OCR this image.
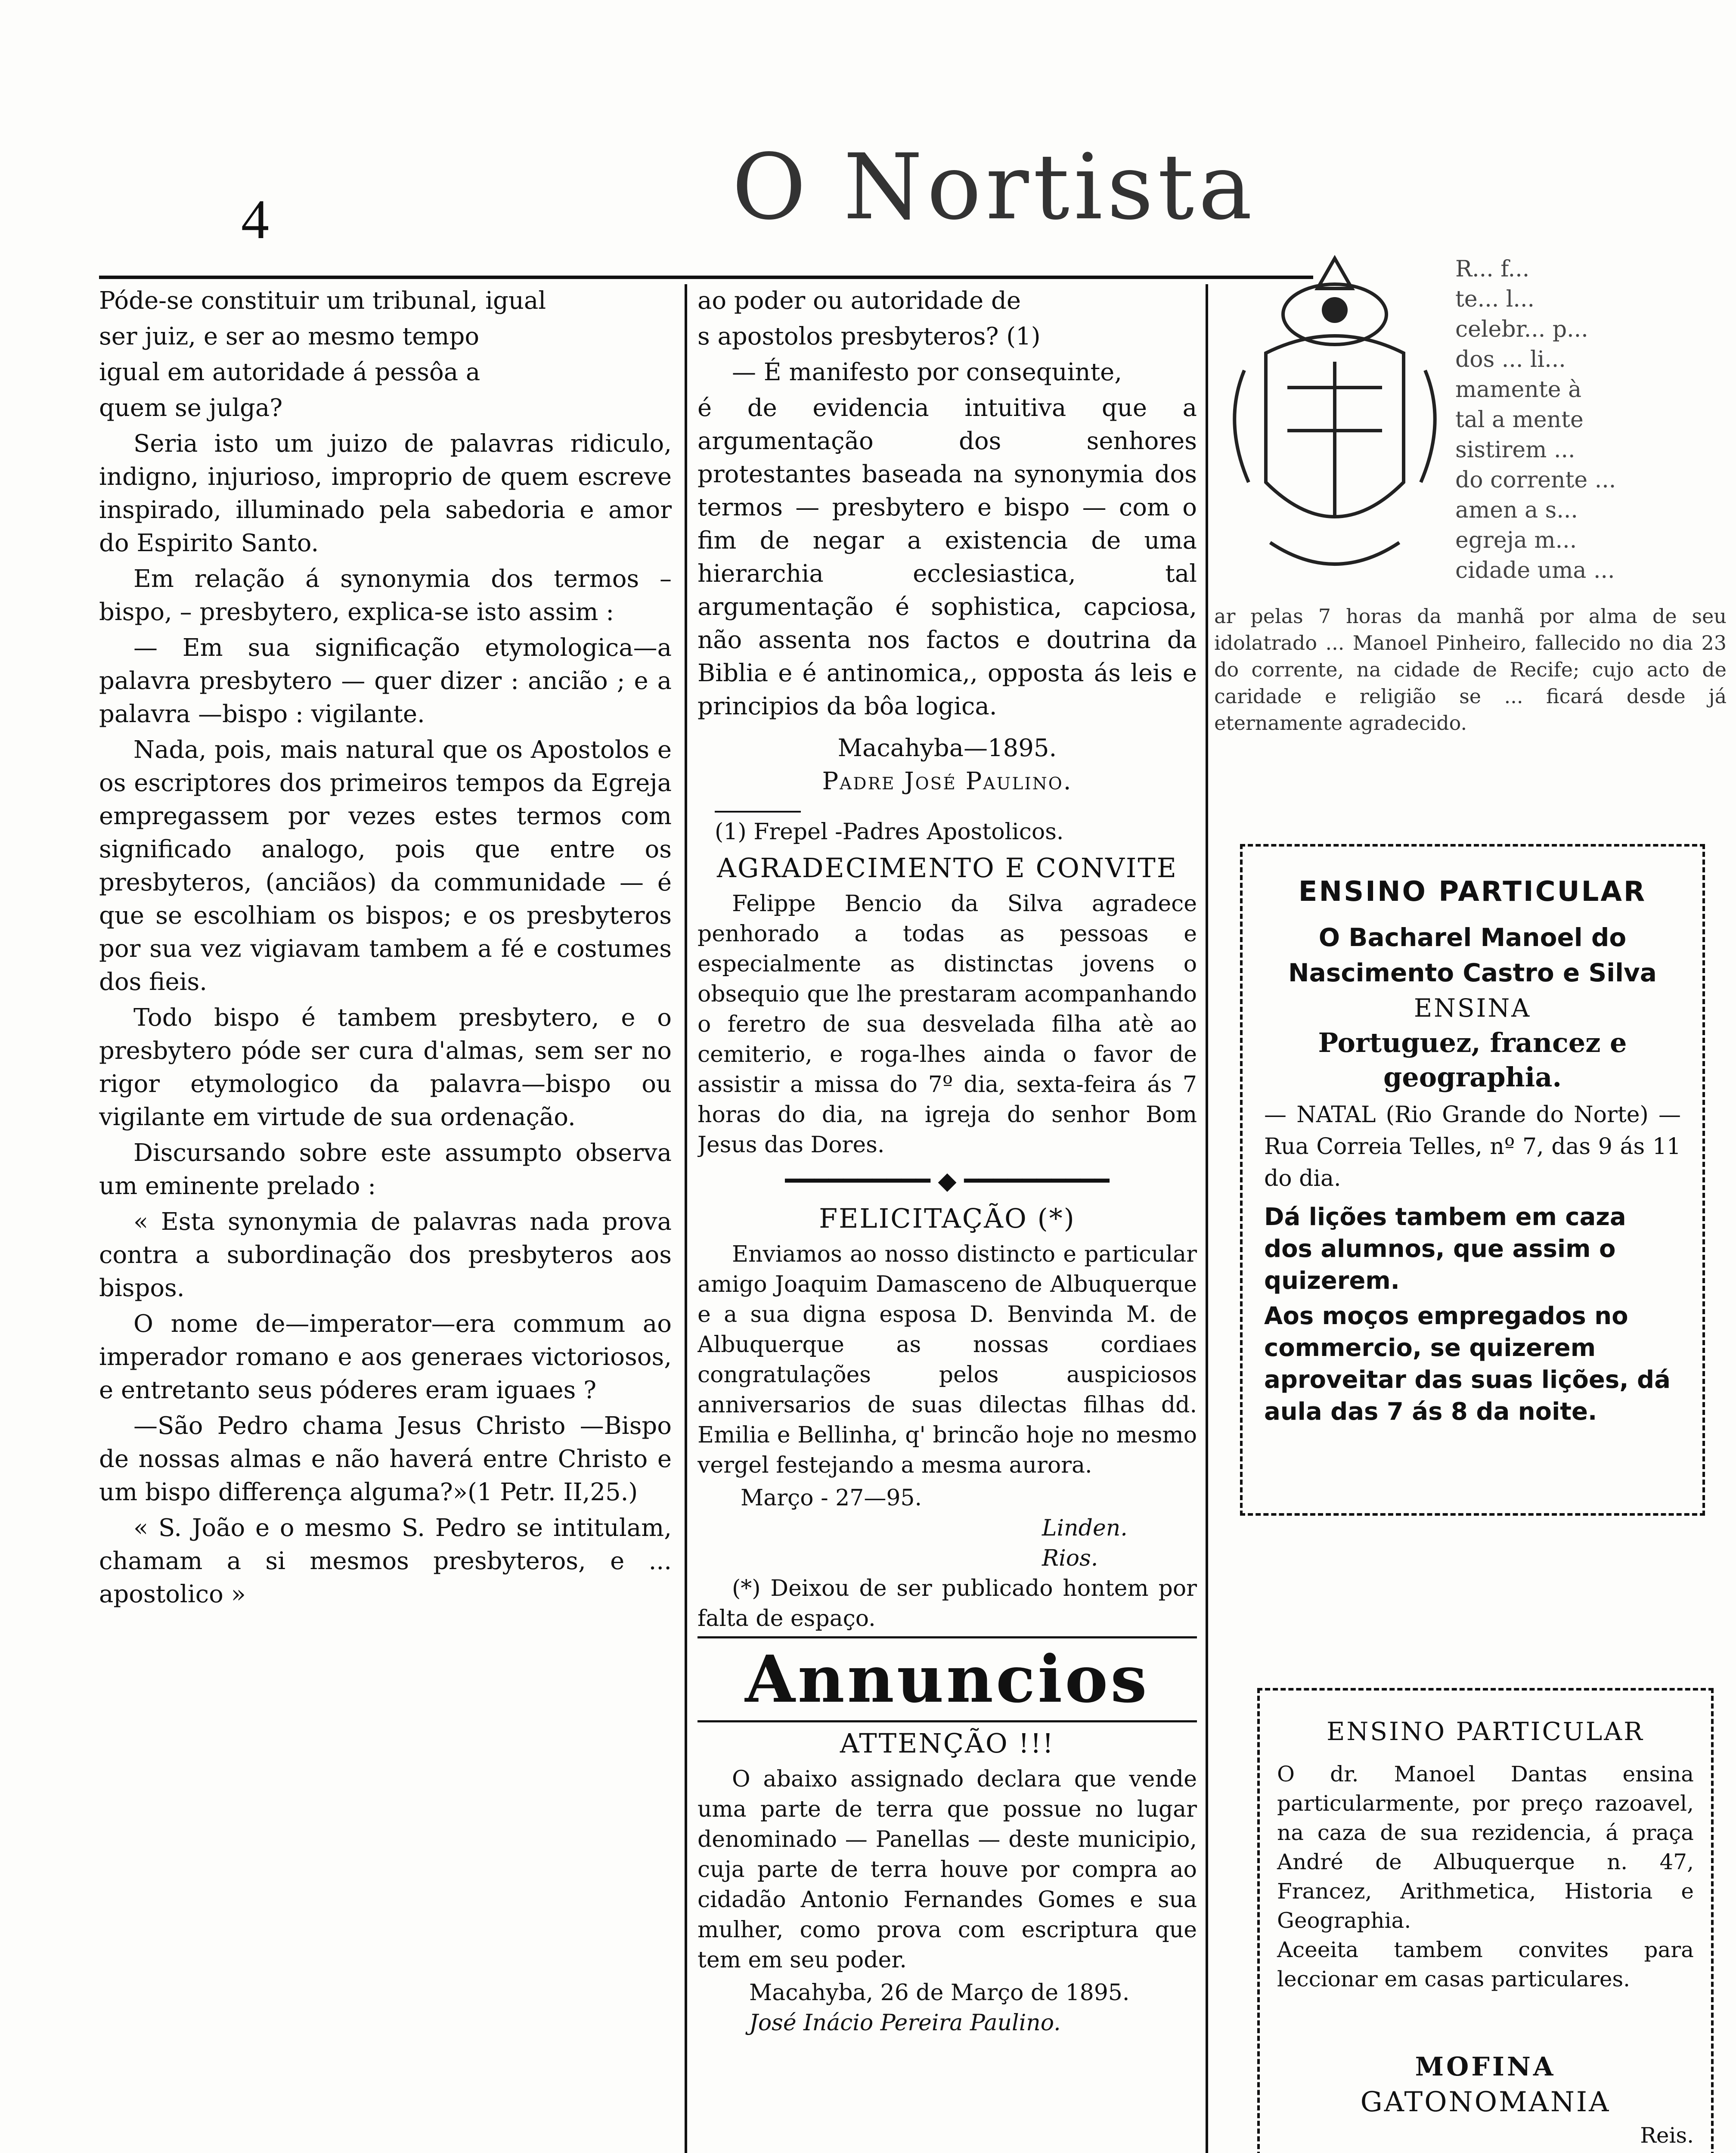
4	O Nortista

Póde-se constituir um tribunal, igual

ser juiz, e ser ao mesmo tempo

igual em autoridade á pessôa a

quem se julga?

Seria isto um juizo de palavras ridiculo, indigno, injurioso, improprio de quem escreve inspirado, illuminado pela sabedoria e amor do Espirito Santo.

Em relação á synonymia dos termos – bispo, – presbytero, explica-se isto assim :

— Em sua significação etymologica—a palavra presbytero — quer dizer : ancião ; e a palavra —bispo : vigilante.

Nada, pois, mais natural que os Apostolos e os escriptores dos primeiros tempos da Egreja empregassem por vezes estes termos com significado analogo, pois que entre os presbyteros, (anciãos) da communidade — é que se escolhiam os bispos; e os presbyteros por sua vez vigiavam tambem a fé e costumes dos fieis.

Todo bispo é tambem presbytero, e o presbytero póde ser cura d'almas, sem ser no rigor etymologico da palavra—bispo ou vigilante em virtude de sua ordenação.

Discursando sobre este assumpto observa um eminente prelado :

« Esta synonymia de palavras nada prova contra a subordinação dos presbyteros aos bispos.

O nome de—imperator—era commum ao imperador romano e aos generaes victoriosos, e entretanto seus póderes eram iguaes ?

—São Pedro chama Jesus Christo —Bispo de nossas almas e não haverá entre Christo e um bispo differença alguma?»(1 Petr. II,25.)

« S. João e o mesmo S. Pedro se intitulam, chamam a si mesmos presbyteros, e ... apostolico »

ao poder ou autoridade de

s apostolos presbyteros? (1)

— É manifesto por consequinte,

é de evidencia intuitiva que a argumentação dos senhores protestantes baseada na synonymia dos termos — presbytero e bispo — com o fim de negar a existencia de uma hierarchia ecclesiastica, tal argumentação é sophistica, capciosa, não assenta nos factos e doutrina da Biblia e é antinomica,, opposta ás leis e principios da bôa logica.

Macahyba—1895.
Padre José Paulino.
(1) Frepel -Padres Apostolicos.
AGRADECIMENTO E CONVITE

Felippe Bencio da Silva agradece penhorado a todas as pessoas e especialmente as distinctas jovens o obsequio que lhe prestaram acompanhando o feretro de sua desvelada filha atè ao cemiterio, e roga-lhes ainda o favor de assistir a missa do 7º dia, sexta-feira ás 7 horas do dia, na igreja do senhor Bom Jesus das Dores.

━━━━━━━━━━ ◆ ━━━━━━━━━━
FELICITAÇÃO (*)

Enviamos ao nosso distincto e particular amigo Joaquim Damasceno de Albuquerque e a sua digna esposa D. Benvinda M. de Albuquerque as nossas cordiaes congratulações pelos auspiciosos anniversarios de suas dilectas filhas dd. Emilia e Bellinha, q' brincão hoje no mesmo vergel festejando a mesma aurora.

Março - 27—95.
Linden.
Rios.

(*) Deixou de ser publicado hontem por falta de espaço.

Annuncios
ATTENÇÃO !!!

O abaixo assignado declara que vende uma parte de terra que possue no lugar denominado — Panellas — deste municipio, cuja parte de terra houve por compra ao cidadão Antonio Fernandes Gomes e sua mulher, como prova com escriptura que tem em seu poder.

Macahyba, 26 de Março de 1895.
José Inácio Pereira Paulino.
R... f...
te... l...
celebr... p...
dos ... li...
mamente à
tal a mente
sistirem ...
do corrente ...
amen a s...
egreja m...
cidade uma ...
ar pelas 7 horas da manhã por alma de seu idolatrado ... Manoel Pinheiro, fallecido no dia 23 do corrente, na cidade de Recife; cujo acto de caridade e religião se ... ficará desde já eternamente agradecido.
ENSINO PARTICULAR
O Bacharel Manoel do Nascimento Castro e Silva
ENSINA
Portuguez, francez e geographia.
— NATAL (Rio Grande do Norte) — Rua Correia Telles, nº 7, das 9 ás 11 do dia.
Dá lições tambem em caza dos alumnos, que assim o quizerem.
Aos moços empregados no commercio, se quizerem aproveitar das suas lições, dá aula das 7 ás 8 da noite.
ENSINO PARTICULAR
O dr. Manoel Dantas ensina particularmente, por preço razoavel, na caza de sua rezidencia, á praça André de Albuquerque n. 47, Francez, Arithmetica, Historia e Geographia.
Aceeita tambem convites para leccionar em casas particulares.
MOFINA
GATONOMANIA
Reis.
